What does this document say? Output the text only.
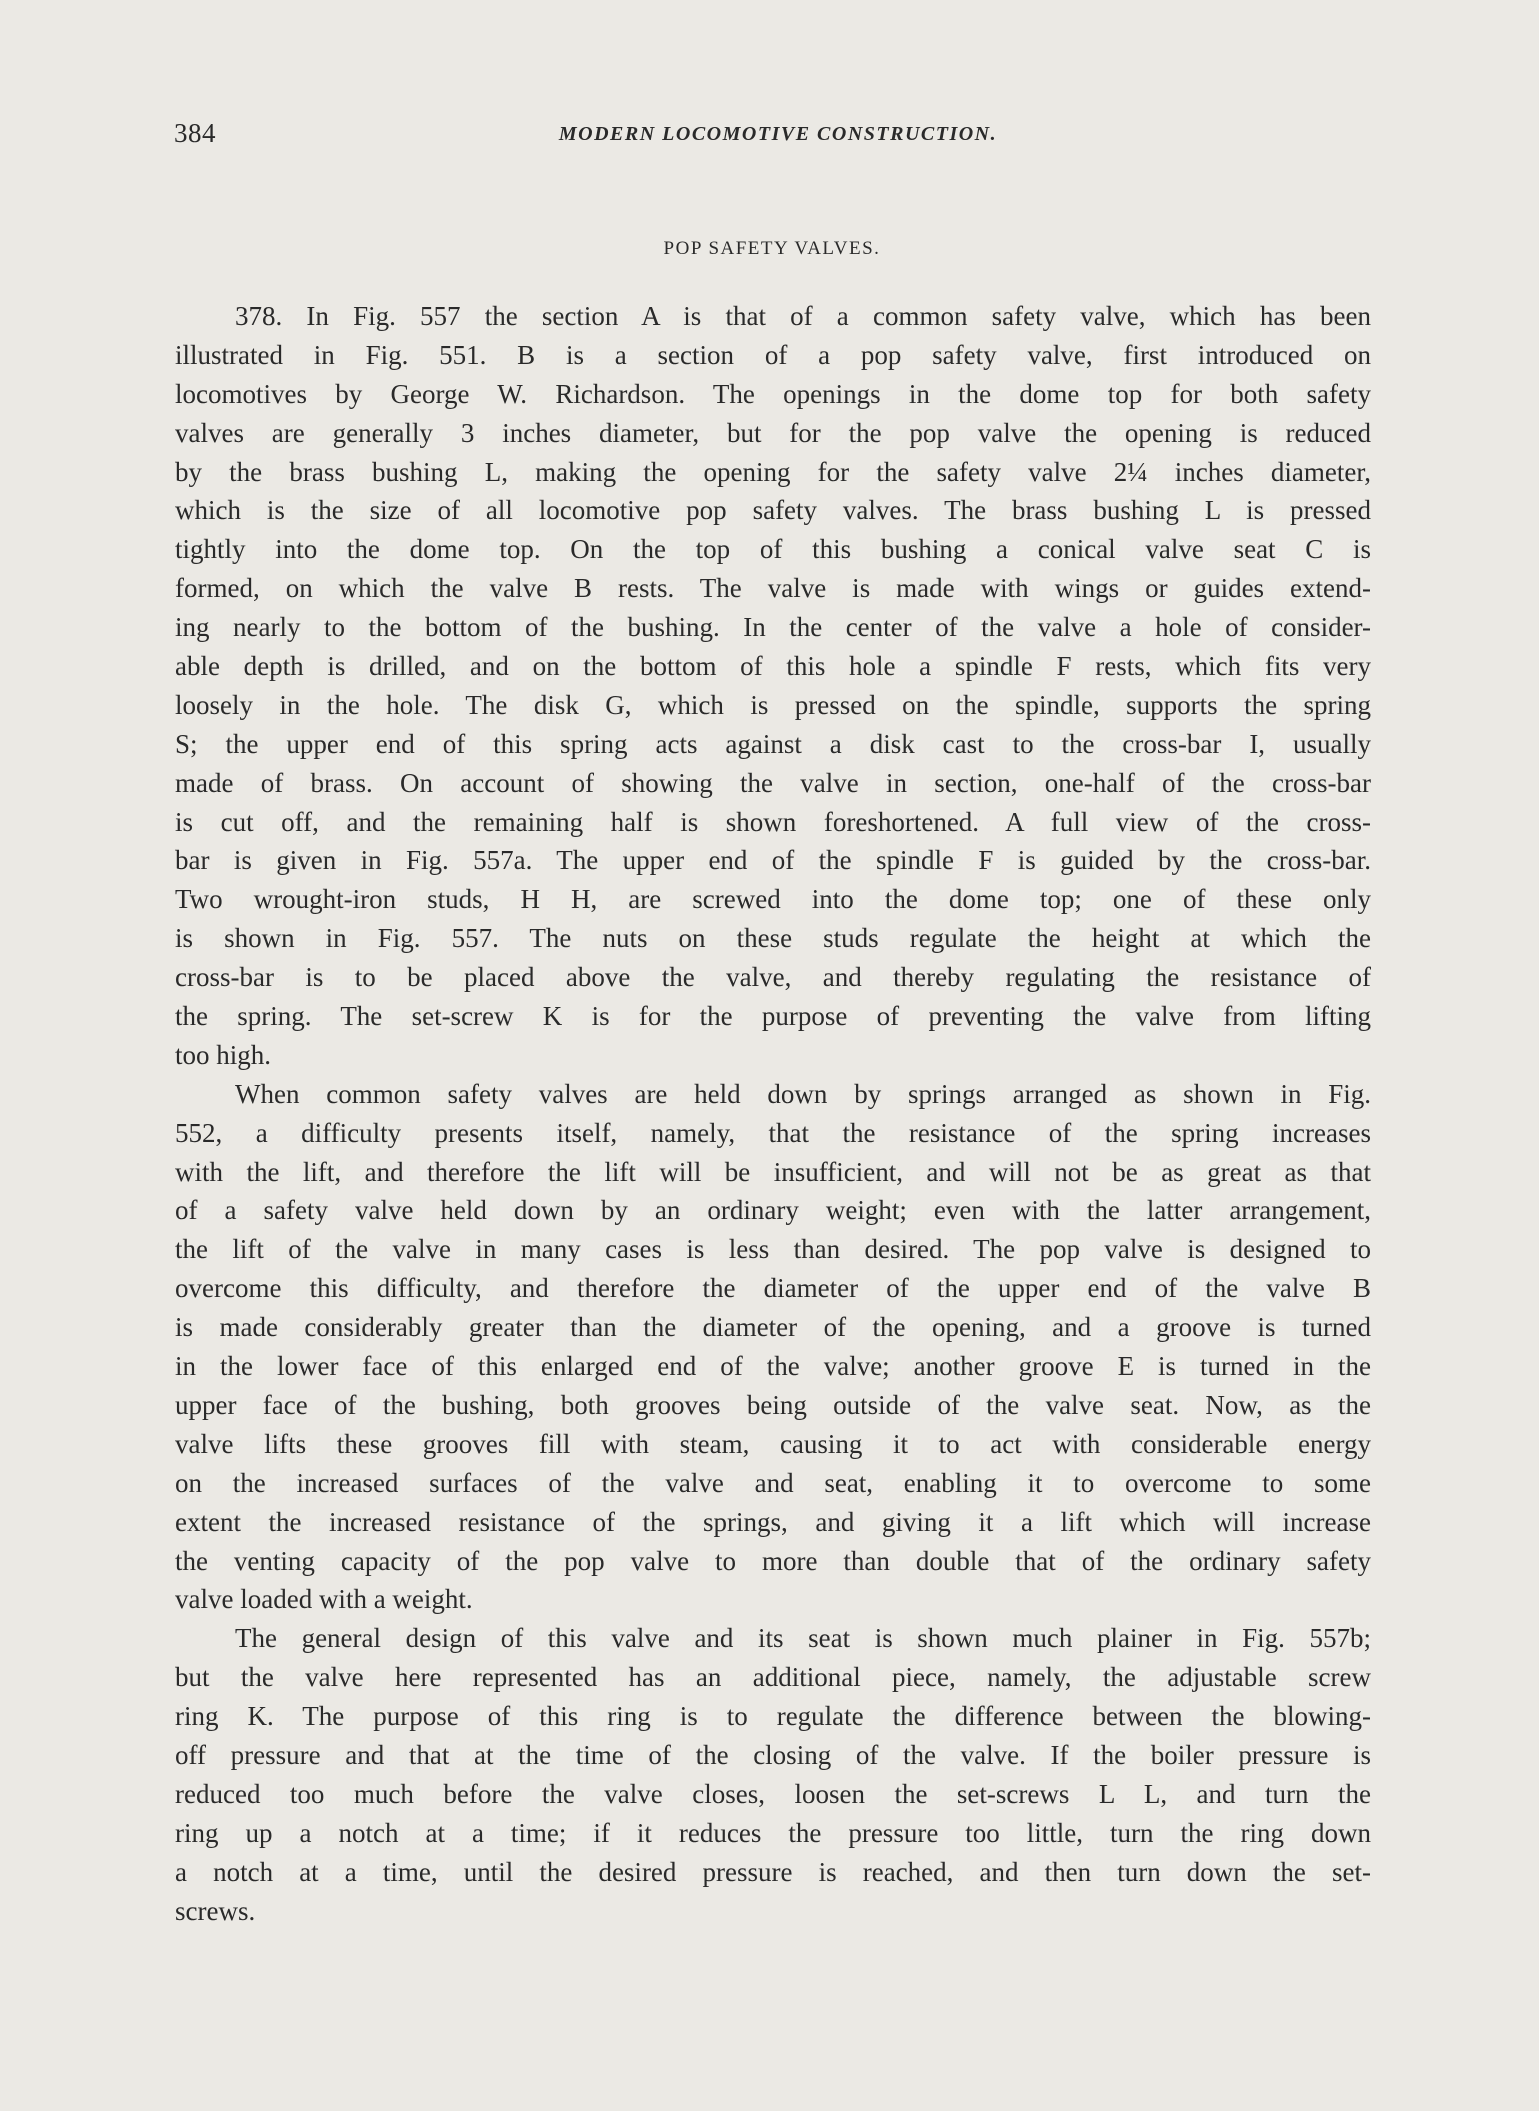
384	MODERN LOCOMOTIVE CONSTRUCTION.
POP SAFETY VALVES.
378. In Fig. 557 the section A is that of a common safety valve, which has been
illustrated in Fig. 551. B is a section of a pop safety valve, first introduced on
locomotives by George W. Richardson. The openings in the dome top for both safety
valves are generally 3 inches diameter, but for the pop valve the opening is reduced
by the brass bushing L, making the opening for the safety valve 2¼ inches diameter,
which is the size of all locomotive pop safety valves. The brass bushing L is pressed
tightly into the dome top. On the top of this bushing a conical valve seat C is
formed, on which the valve B rests. The valve is made with wings or guides extend-
ing nearly to the bottom of the bushing. In the center of the valve a hole of consider-
able depth is drilled, and on the bottom of this hole a spindle F rests, which fits very
loosely in the hole. The disk G, which is pressed on the spindle, supports the spring
S; the upper end of this spring acts against a disk cast to the cross-bar I, usually
made of brass. On account of showing the valve in section, one-half of the cross-bar
is cut off, and the remaining half is shown foreshortened. A full view of the cross-
bar is given in Fig. 557a. The upper end of the spindle F is guided by the cross-bar.
Two wrought-iron studs, H H, are screwed into the dome top; one of these only
is shown in Fig. 557. The nuts on these studs regulate the height at which the
cross-bar is to be placed above the valve, and thereby regulating the resistance of
the spring. The set-screw K is for the purpose of preventing the valve from lifting
too high.
When common safety valves are held down by springs arranged as shown in Fig.
552, a difficulty presents itself, namely, that the resistance of the spring increases
with the lift, and therefore the lift will be insufficient, and will not be as great as that
of a safety valve held down by an ordinary weight; even with the latter arrangement,
the lift of the valve in many cases is less than desired. The pop valve is designed to
overcome this difficulty, and therefore the diameter of the upper end of the valve B
is made considerably greater than the diameter of the opening, and a groove is turned
in the lower face of this enlarged end of the valve; another groove E is turned in the
upper face of the bushing, both grooves being outside of the valve seat. Now, as the
valve lifts these grooves fill with steam, causing it to act with considerable energy
on the increased surfaces of the valve and seat, enabling it to overcome to some
extent the increased resistance of the springs, and giving it a lift which will increase
the venting capacity of the pop valve to more than double that of the ordinary safety
valve loaded with a weight.
The general design of this valve and its seat is shown much plainer in Fig. 557b;
but the valve here represented has an additional piece, namely, the adjustable screw
ring K. The purpose of this ring is to regulate the difference between the blowing-
off pressure and that at the time of the closing of the valve. If the boiler pressure is
reduced too much before the valve closes, loosen the set-screws L L, and turn the
ring up a notch at a time; if it reduces the pressure too little, turn the ring down
a notch at a time, until the desired pressure is reached, and then turn down the set-
screws.
